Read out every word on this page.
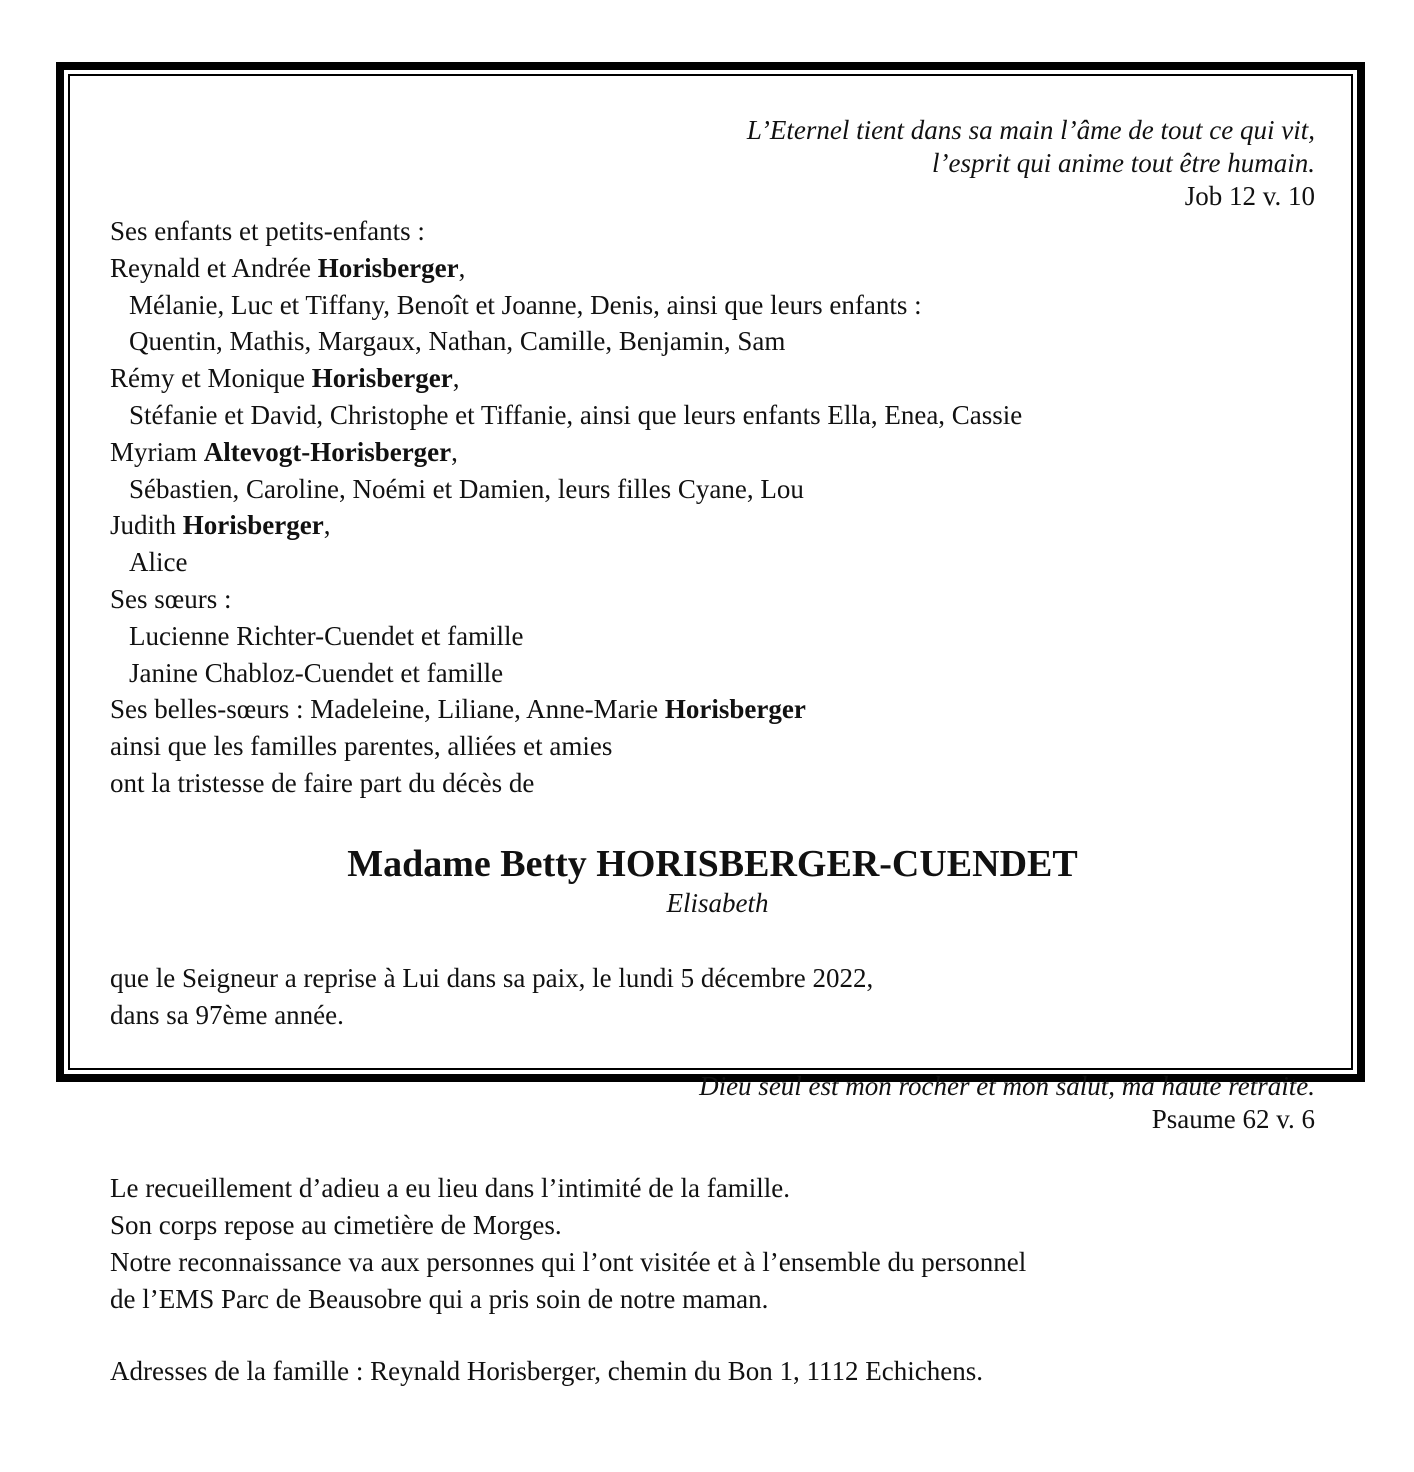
L’Eternel tient dans sa main l’âme de tout ce qui vit,
l’esprit qui anime tout être humain.
Job 12 v. 10
Ses enfants et petits-enfants :
Reynald et Andrée Horisberger,
Mélanie, Luc et Tiffany, Benoît et Joanne, Denis, ainsi que leurs enfants :
Quentin, Mathis, Margaux, Nathan, Camille, Benjamin, Sam
Rémy et Monique Horisberger,
Stéfanie et David, Christophe et Tiffanie, ainsi que leurs enfants Ella, Enea, Cassie
Myriam Altevogt-Horisberger,
Sébastien, Caroline, Noémi et Damien, leurs filles Cyane, Lou
Judith Horisberger,
Alice
Ses sœurs :
Lucienne Richter-Cuendet et famille
Janine Chabloz-Cuendet et famille
Ses belles-sœurs : Madeleine, Liliane, Anne-Marie Horisberger
ainsi que les familles parentes, alliées et amies
ont la tristesse de faire part du décès de
Madame Betty HORISBERGER-CUENDET
Elisabeth
que le Seigneur a reprise à Lui dans sa paix, le lundi 5 décembre 2022,
dans sa 97ème année.
Dieu seul est mon rocher et mon salut, ma haute retraite.
Psaume 62 v. 6
Le recueillement d’adieu a eu lieu dans l’intimité de la famille.
Son corps repose au cimetière de Morges.
Notre reconnaissance va aux personnes qui l’ont visitée et à l’ensemble du personnel
de l’EMS Parc de Beausobre qui a pris soin de notre maman.
Adresses de la famille : Reynald Horisberger, chemin du Bon 1, 1112 Echichens.
